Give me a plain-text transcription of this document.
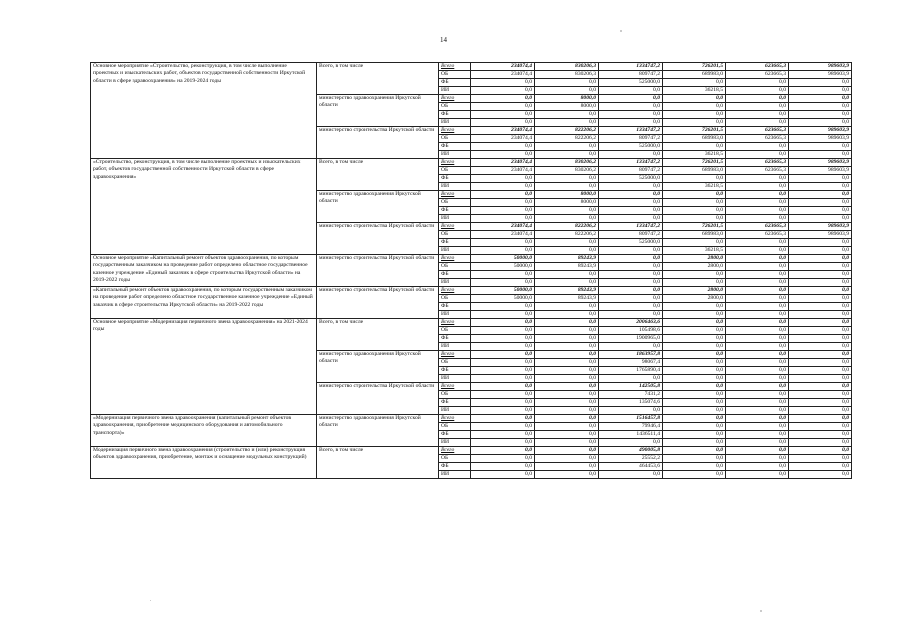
14
Основное мероприятие «Строительство, реконструкция, в том числе выполнение проектных и изыскательских работ, объектов государственной собственности Иркутской области в сфере здравоохранения» на 2019-2024 годы	Всего, в том числе	Всего	234074,4	830206,3	1334747,2	726201,5	623665,3	989603,9
		ОБ	234074,4	830206,3	809747,2	689983,0	623665,3	989603,9
		ФБ	0,0	0,0	525000,0	0,0	0,0	0,0
		ИИ	0,0	0,0	0,0	36218,5	0,0	0,0
	министерство здравоохранения Иркутской области	Всего	0,0	8000,0	0,0	0,0	0,0	0,0
		ОБ	0,0	8000,0	0,0	0,0	0,0	0,0
		ФБ	0,0	0,0	0,0	0,0	0,0	0,0
		ИИ	0,0	0,0	0,0	0,0	0,0	0,0
	министерство строительства Иркутской области	Всего	234074,4	822206,2	1334747,2	726201,5	623665,3	989603,9
		ОБ	234074,4	822206,2	809747,2	689983,0	623665,3	989603,9
		ФБ	0,0	0,0	525000,0	0,0	0,0	0,0
		ИИ	0,0	0,0	0,0	36218,5	0,0	0,0
«Строительство, реконструкция, в том числе выполнение проектных и изыскательских работ, объектов государственной собственности Иркутской области в сфере здравоохранения»	Всего, в том числе	Всего	234074,4	830206,2	1334747,2	726201,5	623665,3	989603,9
		ОБ	234074,4	830206,2	809747,2	689983,0	623665,3	989603,9
		ФБ	0,0	0,0	525000,0	0,0	0,0	0,0
		ИИ	0,0	0,0	0,0	36218,5	0,0	0,0
	министерство здравоохранения Иркутской области	Всего	0,0	8000,0	0,0	0,0	0,0	0,0
		ОБ	0,0	8000,0	0,0	0,0	0,0	0,0
		ФБ	0,0	0,0	0,0	0,0	0,0	0,0
		ИИ	0,0	0,0	0,0	0,0	0,0	0,0
	министерство строительства Иркутской области	Всего	234074,4	822206,2	1334747,2	726201,5	623665,3	989603,9
		ОБ	234074,4	822206,2	809747,2	689983,0	623665,3	989603,9
		ФБ	0,0	0,0	525000,0	0,0	0,0	0,0
		ИИ	0,0	0,0	0,0	36218,5	0,0	0,0
Основное мероприятие «Капитальный ремонт объектов здравоохранения, по которым государственным заказчиком на проведение работ определено областное государственное казенное учреждение «Единый заказчик в сфере строительства Иркутской области» на 2019-2022 годы	министерство строительства Иркутской области	Всего	50000,0	89243,9	0,0	2800,0	0,0	0,0
		ОБ	50000,0	89243,9	0,0	2800,0	0,0	0,0
		ФБ	0,0	0,0	0,0	0,0	0,0	0,0
		ИИ	0,0	0,0	0,0	0,0	0,0	0,0
«Капитальный ремонт объектов здравоохранения, по которым государственным заказчиком на проведение работ определено областное государственное казенное учреждение «Единый заказчик в сфере строительства Иркутской области» на 2019-2022 годы	министерство строительства Иркутской области	Всего	50000,0	89243,9	0,0	2800,0	0,0	0,0
		ОБ	50000,0	89243,9	0,0	2800,0	0,0	0,0
		ФБ	0,0	0,0	0,0	0,0	0,0	0,0
		ИИ	0,0	0,0	0,0	0,0	0,0	0,0
Основное мероприятие «Модернизация первичного звена здравоохранения» на 2021-2024 годы	Всего, в том числе	Всего	0,0	0,0	2006463,6	0,0	0,0	0,0
		ОБ	0,0	0,0	105498,6	0,0	0,0	0,0
		ФБ	0,0	0,0	1900965,0	0,0	0,0	0,0
		ИИ	0,0	0,0	0,0	0,0	0,0	0,0
	министерство здравоохранения Иркутской области	Всего	0,0	0,0	1863957,8	0,0	0,0	0,0
		ОБ	0,0	0,0	98067,4	0,0	0,0	0,0
		ФБ	0,0	0,0	1765890,4	0,0	0,0	0,0
		ИИ	0,0	0,0	0,0	0,0	0,0	0,0
	министерство строительства Иркутской области	Всего	0,0	0,0	142505,8	0,0	0,0	0,0
		ОБ	0,0	0,0	7431,2	0,0	0,0	0,0
		ФБ	0,0	0,0	135074,6	0,0	0,0	0,0
		ИИ	0,0	0,0	0,0	0,0	0,0	0,0
«Модернизация первичного звена здравоохранения (капитальный ремонт объектов здравоохранения, приобретение медицинского оборудования и автомобильного транспорта)»	министерство здравоохранения Иркутской области	Всего	0,0	0,0	1516457,8	0,0	0,0	0,0
		ОБ	0,0	0,0	79946,4	0,0	0,0	0,0
		ФБ	0,0	0,0	1436511,4	0,0	0,0	0,0
		ИИ	0,0	0,0	0,0	0,0	0,0	0,0
Модернизация первичного звена здравоохранения (строительство и (или) реконструкция объектов здравоохранения, приобретение, монтаж и оснащение модульных конструкций)	Всего, в том числе	Всего	0,0	0,0	490005,8	0,0	0,0	0,0
		ОБ	0,0	0,0	25552,2	0,0	0,0	0,0
		ФБ	0,0	0,0	464453,6	0,0	0,0	0,0
		ИИ	0,0	0,0	0,0	0,0	0,0	0,0
